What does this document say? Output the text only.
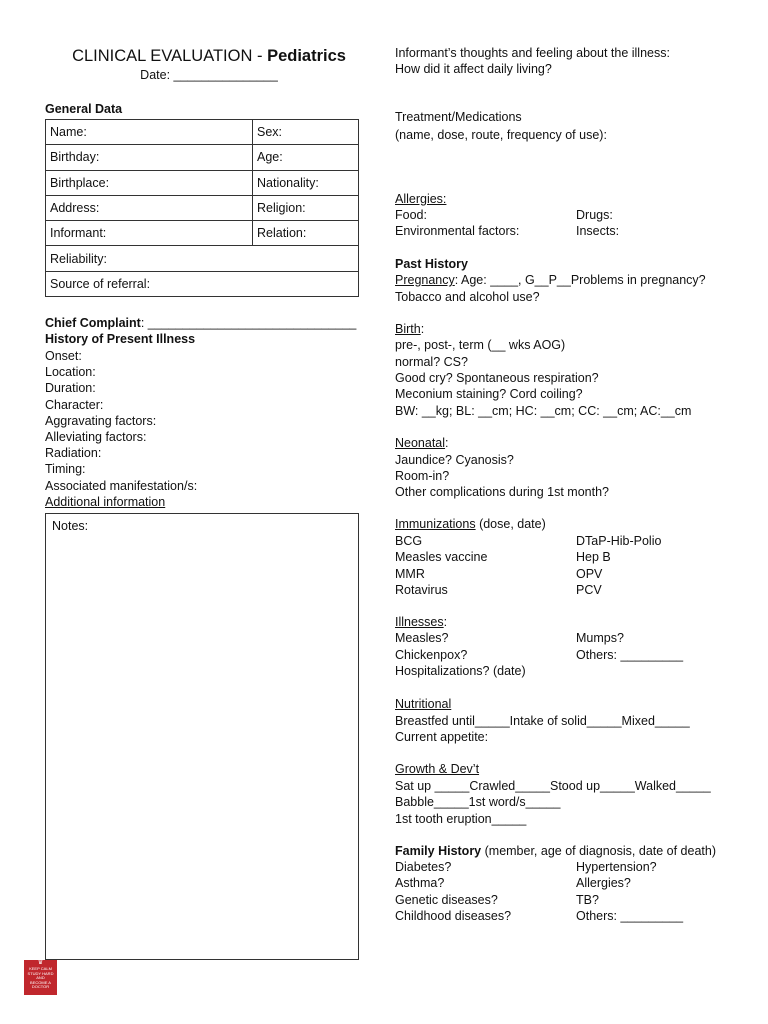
CLINICAL EVALUATION - Pediatrics
Date: _______________
General Data
Name:	Sex:
Birthday:	Age:
Birthplace:	Nationality:
Address:	Religion:
Informant:	Relation:
Reliability:	
Source of referral:	
Chief Complaint: ______________________________
History of Present Illness
Onset:
Location:
Duration:
Character:
Aggravating factors:
Alleviating factors:
Radiation:
Timing:
Associated manifestation/s:
Additional information
Notes:
♛
KEEP CALM
STUDY HARD
AND
BECOME A
DOCTOR
Informant’s thoughts and feeling about the illness:
How did it affect daily living?
Treatment/Medications
(name, dose, route, frequency of use):
Allergies:
Food:	Drugs:
Environmental factors:	Insects:
Past History
Pregnancy: Age: ____, G__P__Problems in pregnancy?
Tobacco and alcohol use?
Birth:
pre-, post-, term (__ wks AOG)
normal? CS?
Good cry? Spontaneous respiration?
Meconium staining? Cord coiling?
BW: __kg; BL: __cm; HC: __cm; CC: __cm; AC:__cm
Neonatal:
Jaundice? Cyanosis?
Room-in?
Other complications during 1st month?
Immunizations (dose, date)
BCG	DTaP-Hib-Polio
Measles vaccine	Hep B
MMR	OPV
Rotavirus	PCV
Illnesses:
Measles?	Mumps?
Chickenpox?	Others: _________
Hospitalizations? (date)
Nutritional
Breastfed until_____Intake of solid_____Mixed_____
Current appetite:
Growth & Dev’t
Sat up _____Crawled_____Stood up_____Walked_____
Babble_____1st word/s_____
1st tooth eruption_____
Family History (member, age of diagnosis, date of death)
Diabetes?	Hypertension?
Asthma?	Allergies?
Genetic diseases?	TB?
Childhood diseases?	Others: _________
